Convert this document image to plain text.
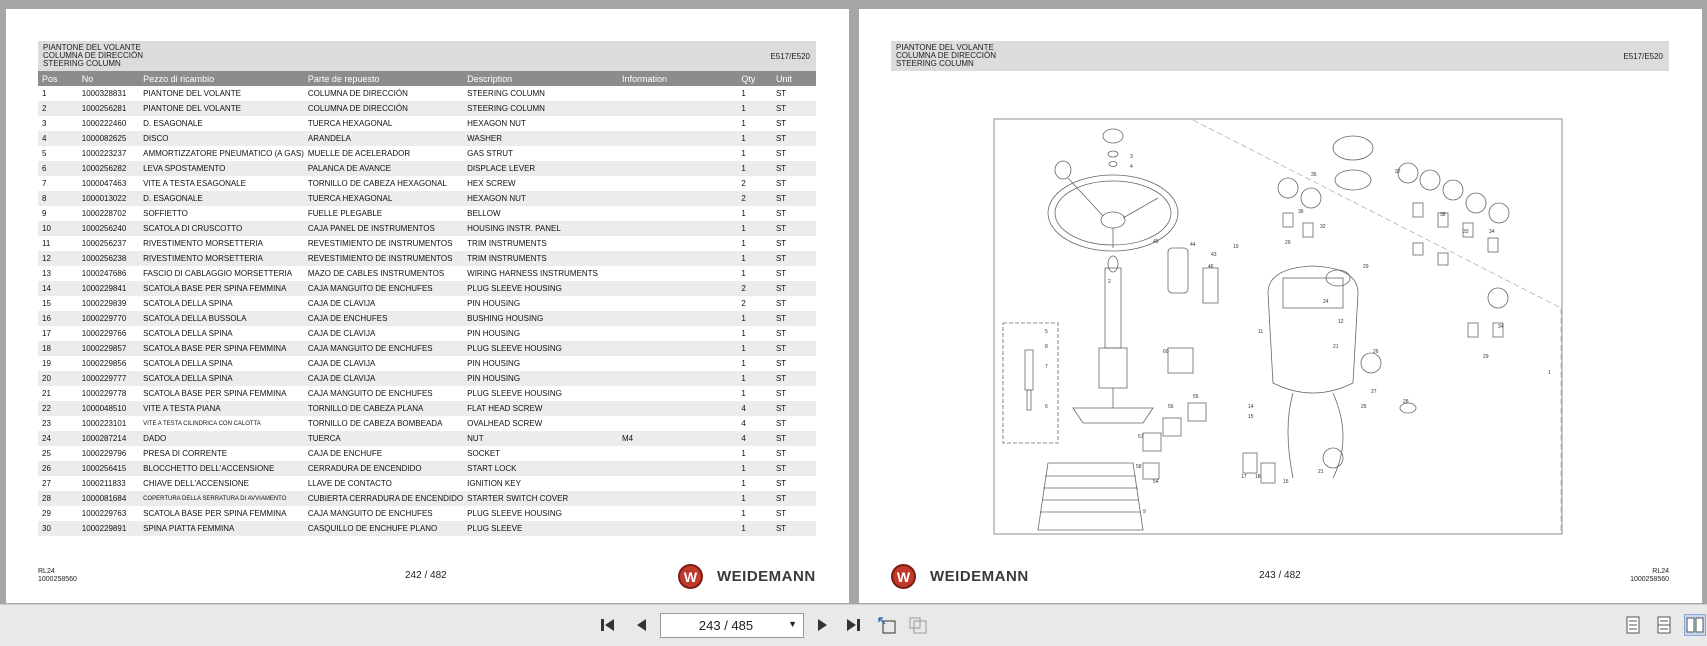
PIANTONE DEL VOLANTE
COLUMNA DE DIRECCIÓN
STEERING COLUMN
E517/E520
Pos	No	Pezzo di ricambio	Parte de repuesto	Description	Information	Qty	Unit
1	1000328831	PIANTONE DEL VOLANTE	COLUMNA DE DIRECCIÓN	STEERING COLUMN		1	ST
2	1000256281	PIANTONE DEL VOLANTE	COLUMNA DE DIRECCIÓN	STEERING COLUMN		1	ST
3	1000222460	D. ESAGONALE	TUERCA HEXAGONAL	HEXAGON NUT		1	ST
4	1000082625	DISCO	ARANDELA	WASHER		1	ST
5	1000223237	AMMORTIZZATORE PNEUMATICO (A GAS)	MUELLE DE ACELERADOR	GAS STRUT		1	ST
6	1000256282	LEVA SPOSTAMENTO	PALANCA DE AVANCE	DISPLACE LEVER		1	ST
7	1000047463	VITE A TESTA ESAGONALE	TORNILLO DE CABEZA HEXAGONAL	HEX SCREW		2	ST
8	1000013022	D. ESAGONALE	TUERCA HEXAGONAL	HEXAGON NUT		2	ST
9	1000228702	SOFFIETTO	FUELLE PLEGABLE	BELLOW		1	ST
10	1000256240	SCATOLA DI CRUSCOTTO	CAJA PANEL DE INSTRUMENTOS	HOUSING INSTR. PANEL		1	ST
11	1000256237	RIVESTIMENTO MORSETTERIA	REVESTIMIENTO DE INSTRUMENTOS	TRIM INSTRUMENTS		1	ST
12	1000256238	RIVESTIMENTO MORSETTERIA	REVESTIMIENTO DE INSTRUMENTOS	TRIM INSTRUMENTS		1	ST
13	1000247686	FASCIO DI CABLAGGIO MORSETTERIA	MAZO DE CABLES INSTRUMENTOS	WIRING HARNESS INSTRUMENTS		1	ST
14	1000229841	SCATOLA BASE PER SPINA FEMMINA	CAJA MANGUITO DE ENCHUFES	PLUG SLEEVE HOUSING		2	ST
15	1000229839	SCATOLA DELLA SPINA	CAJA DE CLAVIJA	PIN HOUSING		2	ST
16	1000229770	SCATOLA DELLA BUSSOLA	CAJA DE ENCHUFES	BUSHING HOUSING		1	ST
17	1000229766	SCATOLA DELLA SPINA	CAJA DE CLAVIJA	PIN HOUSING		1	ST
18	1000229857	SCATOLA BASE PER SPINA FEMMINA	CAJA MANGUITO DE ENCHUFES	PLUG SLEEVE HOUSING		1	ST
19	1000229856	SCATOLA DELLA SPINA	CAJA DE CLAVIJA	PIN HOUSING		1	ST
20	1000229777	SCATOLA DELLA SPINA	CAJA DE CLAVIJA	PIN HOUSING		1	ST
21	1000229778	SCATOLA BASE PER SPINA FEMMINA	CAJA MANGUITO DE ENCHUFES	PLUG SLEEVE HOUSING		1	ST
22	1000048510	VITE A TESTA PIANA	TORNILLO DE CABEZA PLANA	FLAT HEAD SCREW		4	ST
23	1000223101	VITE A TESTA CILINDRICA CON CALOTTA	TORNILLO DE CABEZA BOMBEADA	OVALHEAD SCREW		4	ST
24	1000287214	DADO	TUERCA	NUT	M4	4	ST
25	1000229796	PRESA DI CORRENTE	CAJA DE ENCHUFE	SOCKET		1	ST
26	1000256415	BLOCCHETTO DELL'ACCENSIONE	CERRADURA DE ENCENDIDO	START LOCK		1	ST
27	1000211833	CHIAVE DELL'ACCENSIONE	LLAVE DE CONTACTO	IGNITION KEY		1	ST
28	1000081684	COPERTURA DELLA SERRATURA DI AVVIAMENTO	CUBIERTA CERRADURA DE ENCENDIDO	STARTER SWITCH COVER		1	ST
29	1000229763	SCATOLA BASE PER SPINA FEMMINA	CAJA MANGUITO DE ENCHUFES	PLUG SLEEVE HOUSING		1	ST
30	1000229891	SPINA PIATTA FEMMINA	CASQUILLO DE ENCHUFE PLANO	PLUG SLEEVE		1	ST
RL24
1000258560	242 / 482	W	WEIDEMANN
PIANTONE DEL VOLANTE
COLUMNA DE DIRECCIÓN
STEERING COLUMN
E517/E520
3
4
2
5
8
7
6
9
45	44
43
46
19
60
55
56
57
58
54
35
29
36
32
37
38
33	34
29
34
29
11
24
12
21
26
27
25
28
1
14
15
17 18
15
21
RL24
1000258560
243 / 482
W	WEIDEMANN
243 / 485	▼
